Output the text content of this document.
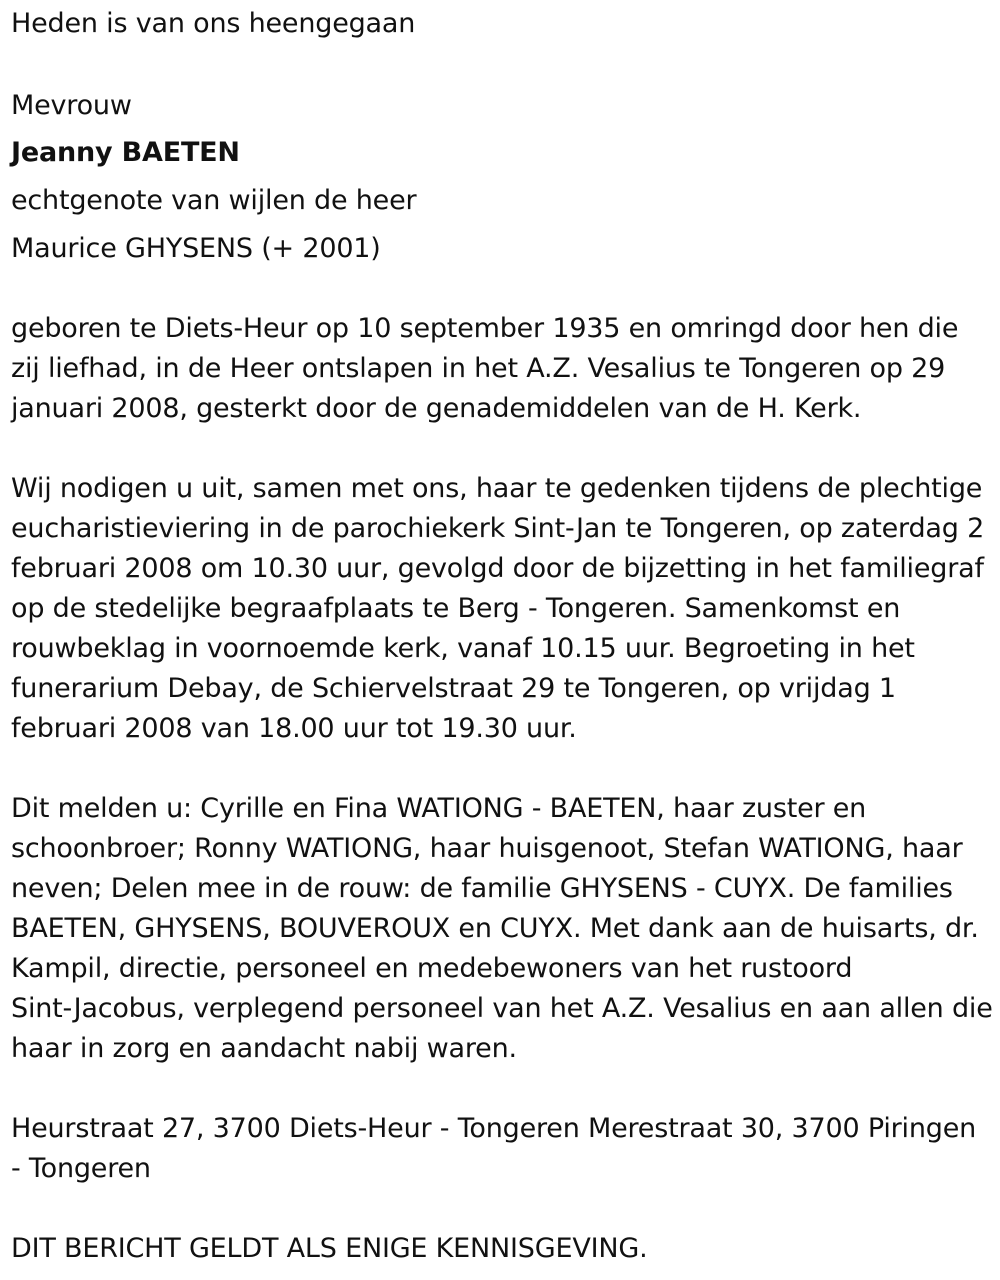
Heden is van ons heengegaan
Mevrouw
Jeanny BAETEN
echtgenote van wijlen de heer
Maurice GHYSENS (+ 2001)
geboren te Diets-Heur op 10 september 1935 en omringd door hen die
zij liefhad, in de Heer ontslapen in het A.Z. Vesalius te Tongeren op 29
januari 2008, gesterkt door de genademiddelen van de H. Kerk.
Wij nodigen u uit, samen met ons, haar te gedenken tijdens de plechtige
eucharistieviering in de parochiekerk Sint-Jan te Tongeren, op zaterdag 2
februari 2008 om 10.30 uur, gevolgd door de bijzetting in het familiegraf
op de stedelijke begraafplaats te Berg - Tongeren. Samenkomst en
rouwbeklag in voornoemde kerk, vanaf 10.15 uur. Begroeting in het
funerarium Debay, de Schiervelstraat 29 te Tongeren, op vrijdag 1
februari 2008 van 18.00 uur tot 19.30 uur.
Dit melden u: Cyrille en Fina WATIONG - BAETEN, haar zuster en
schoonbroer; Ronny WATIONG, haar huisgenoot, Stefan WATIONG, haar
neven; Delen mee in de rouw: de familie GHYSENS - CUYX. De families
BAETEN, GHYSENS, BOUVEROUX en CUYX. Met dank aan de huisarts, dr.
Kampil, directie, personeel en medebewoners van het rustoord
Sint-Jacobus, verplegend personeel van het A.Z. Vesalius en aan allen die
haar in zorg en aandacht nabij waren.
Heurstraat 27, 3700 Diets-Heur - Tongeren Merestraat 30, 3700 Piringen
- Tongeren
DIT BERICHT GELDT ALS ENIGE KENNISGEVING.
